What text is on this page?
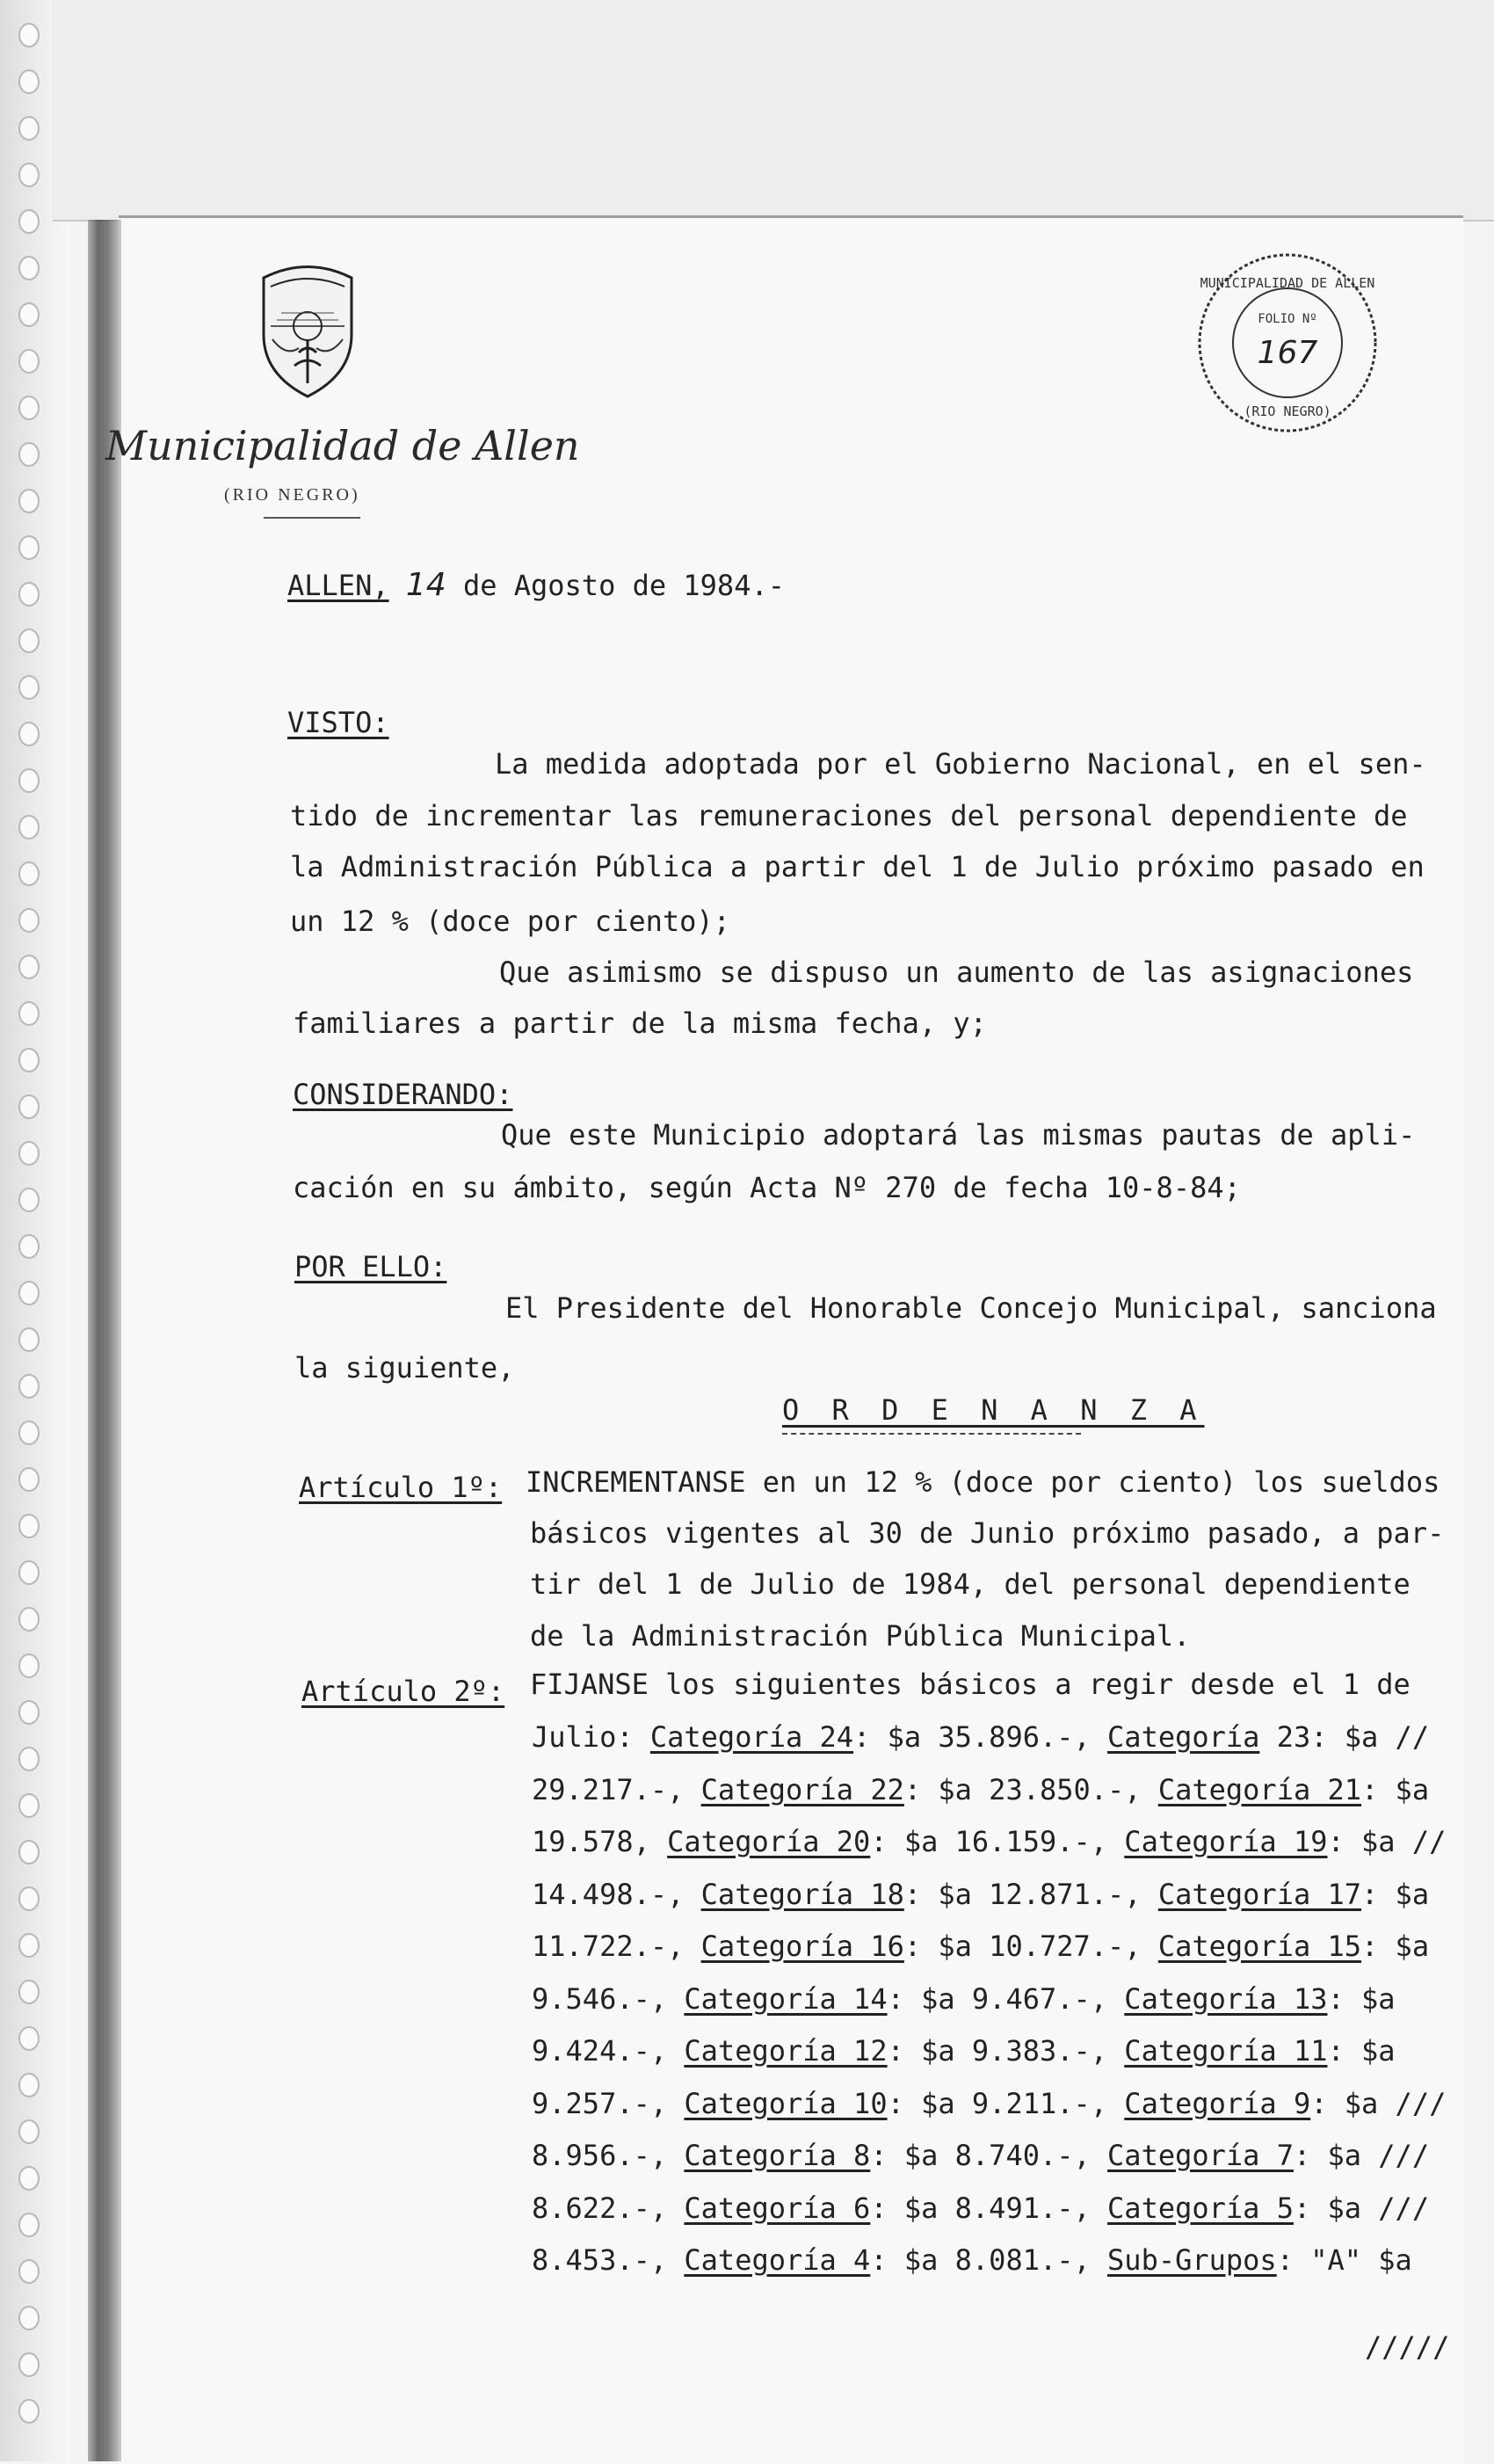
Municipalidad de Allen
(RIO NEGRO)
MUNICIPALIDAD DE ALLEN
(RIO NEGRO)
FOLIO Nº
167
ALLEN, 14 de Agosto de 1984.-
VISTO:
La medida adoptada por el Gobierno Nacional, en el sen-
tido de incrementar las remuneraciones del personal dependiente de
la Administración Pública a partir del 1 de Julio próximo pasado en
un 12 % (doce por ciento);
Que asimismo se dispuso un aumento de las asignaciones
familiares a partir de la misma fecha, y;
CONSIDERANDO:
Que este Municipio adoptará las mismas pautas de apli-
cación en su ámbito, según Acta Nº 270 de fecha 10-8-84;
POR ELLO:
El Presidente del Honorable Concejo Municipal, sanciona
la siguiente,
O R D E N A N Z A
Artículo 1º: INCREMENTANSE en un 12 % (doce por ciento) los sueldos
básicos vigentes al 30 de Junio próximo pasado, a par-
tir del 1 de Julio de 1984, del personal dependiente
de la Administración Pública Municipal.
Artículo 2º: FIJANSE los siguientes básicos a regir desde el 1 de
Julio: Categoría 24: $a 35.896.-, Categoría 23: $a //
29.217.-, Categoría 22: $a 23.850.-, Categoría 21: $a
19.578, Categoría 20: $a 16.159.-, Categoría 19: $a //
14.498.-, Categoría 18: $a 12.871.-, Categoría 17: $a
11.722.-, Categoría 16: $a 10.727.-, Categoría 15: $a
9.546.-, Categoría 14: $a 9.467.-, Categoría 13: $a
9.424.-, Categoría 12: $a 9.383.-, Categoría 11: $a
9.257.-, Categoría 10: $a 9.211.-, Categoría 9: $a ///
8.956.-, Categoría 8: $a 8.740.-, Categoría 7: $a ///
8.622.-, Categoría 6: $a 8.491.-, Categoría 5: $a ///
8.453.-, Categoría 4: $a 8.081.-, Sub-Grupos: "A" $a
/////
